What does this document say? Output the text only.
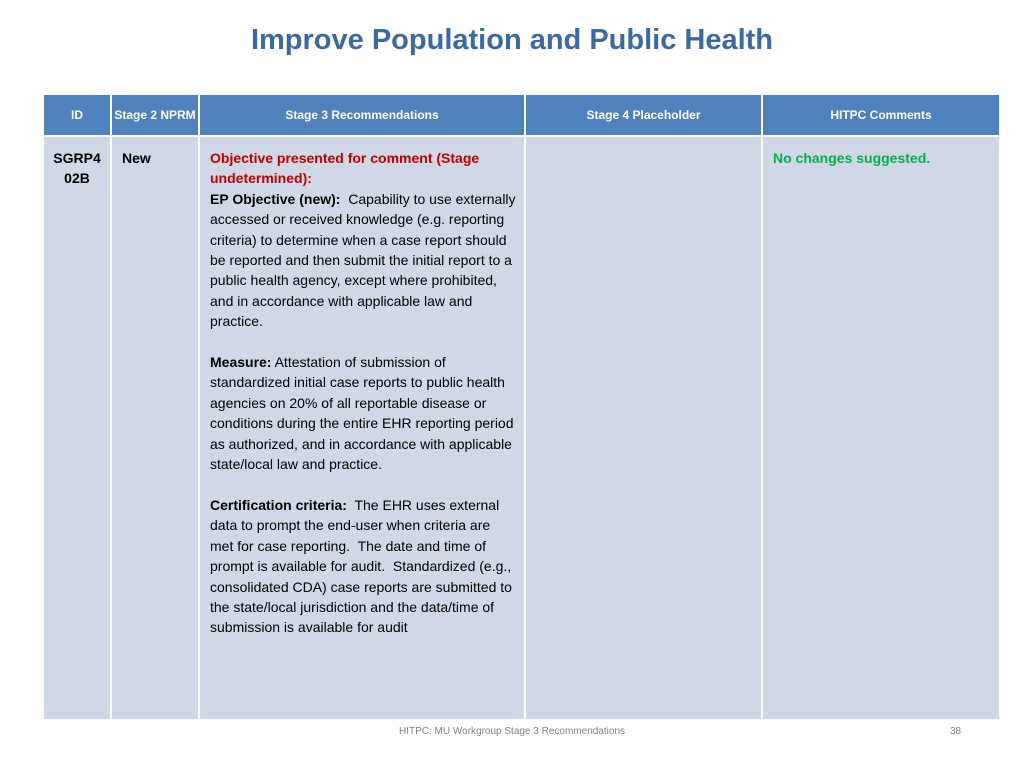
Improve Population and Public Health
ID	Stage 2 NPRM	Stage 3 Recommendations	Stage 4 Placeholder	HITPC Comments
SGRP4 02B	New	Objective presented for comment (Stage undetermined):
EP Objective (new):  Capability to use externally accessed or received knowledge (e.g. reporting criteria) to determine when a case report should be reported and then submit the initial report to a public health agency, except where prohibited, and in accordance with applicable law and practice.
Measure: Attestation of submission of standardized initial case reports to public health agencies on 20% of all reportable disease or conditions during the entire EHR reporting period as authorized, and in accordance with applicable state/local law and practice.
Certification criteria:  The EHR uses external data to prompt the end-user when criteria are met for case reporting.  The date and time of prompt is available for audit.  Standardized (e.g., consolidated CDA) case reports are submitted to the state/local jurisdiction and the data/time of submission is available for audit		No changes suggested.
HITPC: MU Workgroup Stage 3 Recommendations	38
